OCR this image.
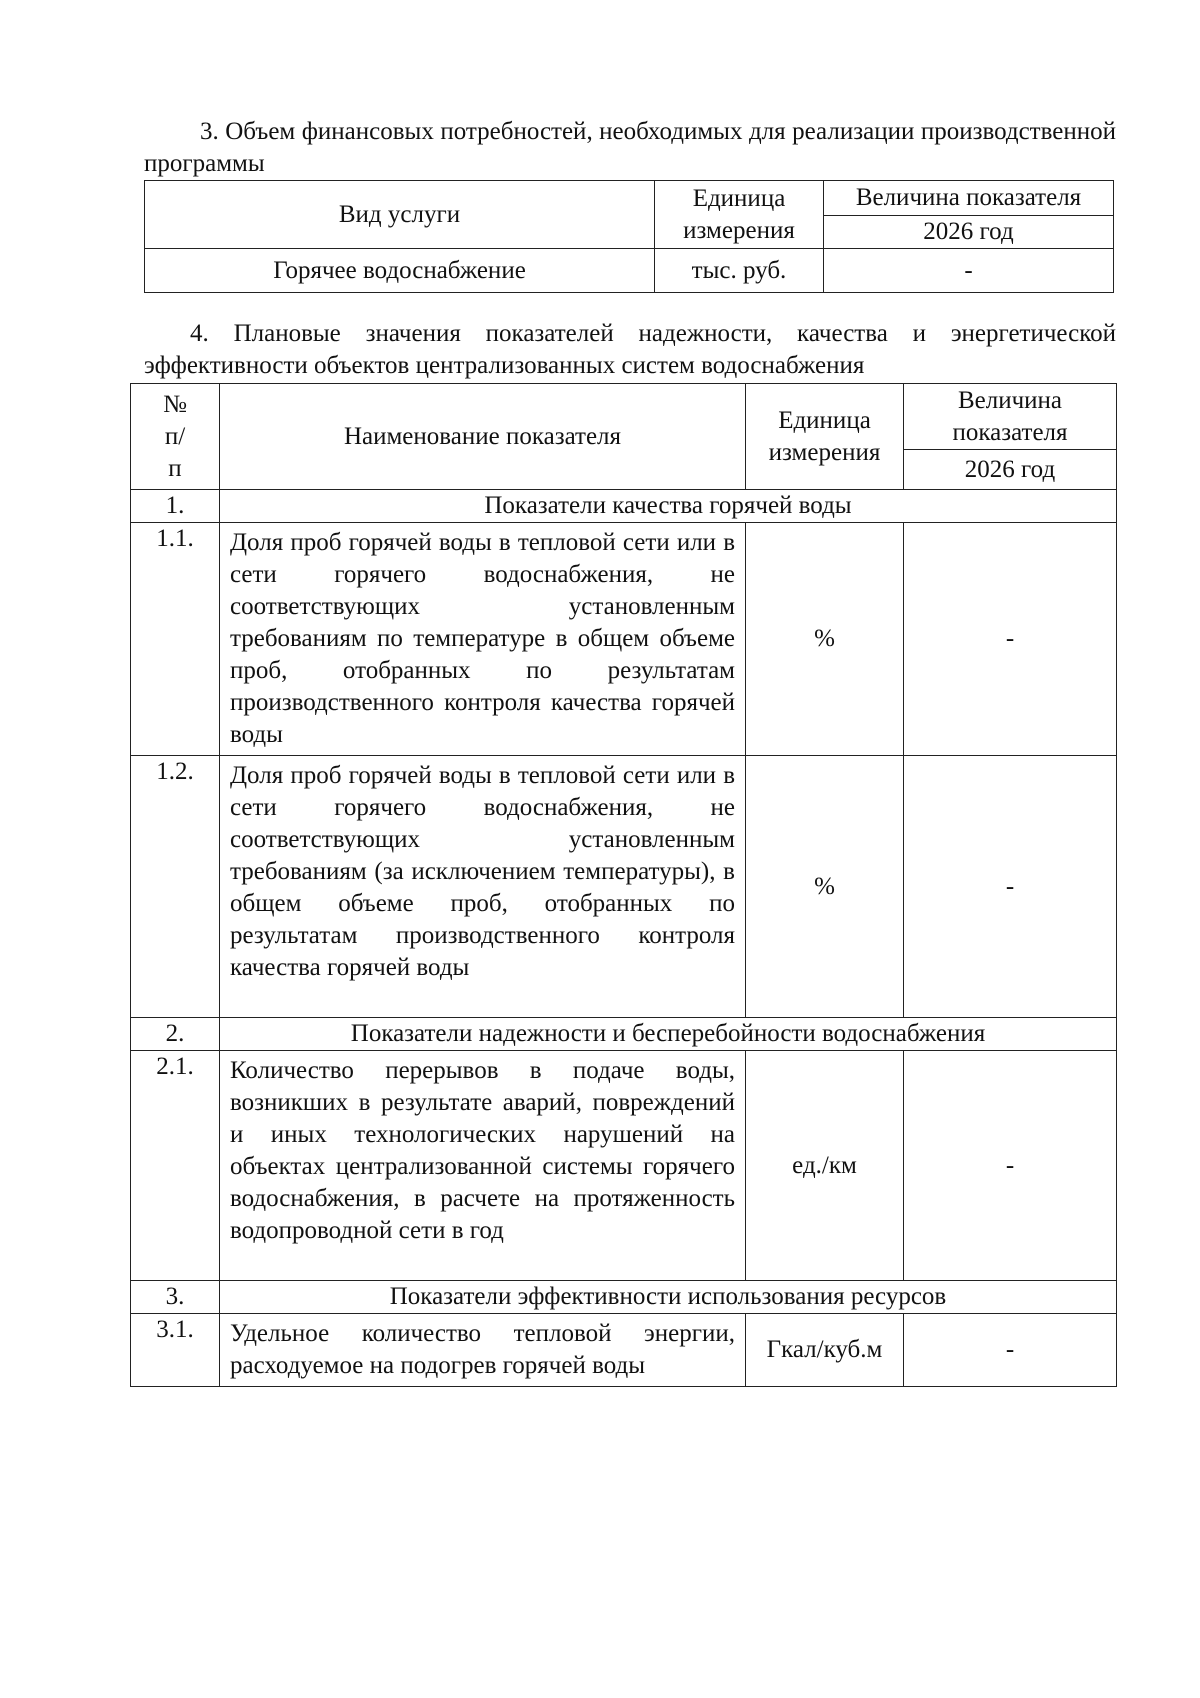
3. Объем финансовых потребностей, необходимых для реализации производственной программы

Вид услуги	Единица измерения	Величина показателя
		2026 год
Горячее водоснабжение	тыс. руб.	-

4. Плановые значения показателей надежности, качества и энергетической эффективности объектов централизованных систем водоснабжения

№ п/п	Наименование показателя	Единица измерения	Величина показателя
			2026 год
1.	Показатели качества горячей воды		
1.1.	Доля проб горячей воды в тепловой сети или в сети горячего водоснабжения, не соответствующих установленным требованиям по температуре в общем объеме проб, отобранных по результатам производственного контроля качества горячей воды	%	-
1.2.	Доля проб горячей воды в тепловой сети или в сети горячего водоснабжения, не соответствующих установленным требованиям (за исключением температуры), в общем объеме проб, отобранных по результатам производственного контроля качества горячей воды	%	-
2.	Показатели надежности и бесперебойности водоснабжения		
2.1.	Количество перерывов в подаче воды, возникших в результате аварий, повреждений и иных технологических нарушений на объектах централизованной системы горячего водоснабжения, в расчете на протяженность водопроводной сети в год	ед./км	-
3.	Показатели эффективности использования ресурсов		
3.1.	Удельное количество тепловой энергии, расходуемое на подогрев горячей воды	Гкал/куб.м	-
